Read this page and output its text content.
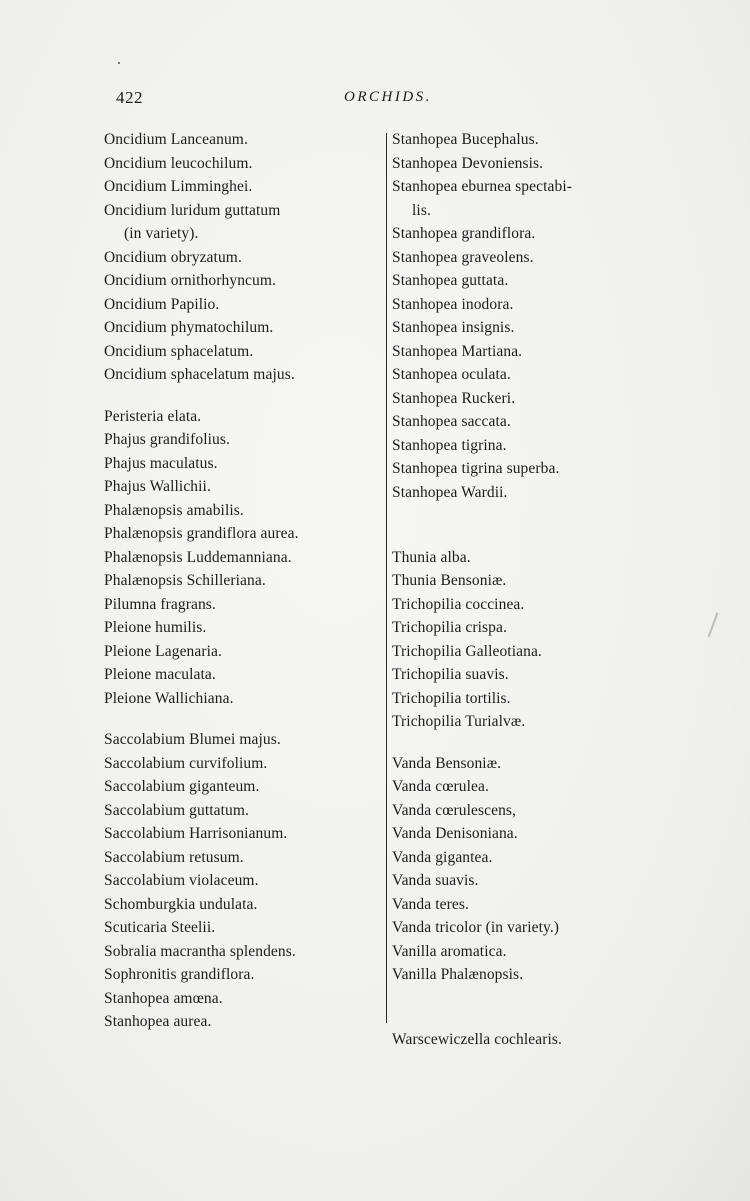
422	ORCHIDS.
Oncidium Lanceanum.
Oncidium leucochilum.
Oncidium Limminghei.
Oncidium luridum guttatum
(in variety).
Oncidium obryzatum.
Oncidium ornithorhyncum.
Oncidium Papilio.
Oncidium phymatochilum.
Oncidium sphacelatum.
Oncidium sphacelatum majus.
Peristeria elata.
Phajus grandifolius.
Phajus maculatus.
Phajus Wallichii.
Phalænopsis amabilis.
Phalænopsis grandiflora aurea.
Phalænopsis Luddemanniana.
Phalænopsis Schilleriana.
Pilumna fragrans.
Pleione humilis.
Pleione Lagenaria.
Pleione maculata.
Pleione Wallichiana.
Saccolabium Blumei majus.
Saccolabium curvifolium.
Saccolabium giganteum.
Saccolabium guttatum.
Saccolabium Harrisonianum.
Saccolabium retusum.
Saccolabium violaceum.
Schomburgkia undulata.
Scuticaria Steelii.
Sobralia macrantha splendens.
Sophronitis grandiflora.
Stanhopea amœna.
Stanhopea aurea.
Stanhopea Bucephalus.
Stanhopea Devoniensis.
Stanhopea eburnea spectabi-
lis.
Stanhopea grandiflora.
Stanhopea graveolens.
Stanhopea guttata.
Stanhopea inodora.
Stanhopea insignis.
Stanhopea Martiana.
Stanhopea oculata.
Stanhopea Ruckeri.
Stanhopea saccata.
Stanhopea tigrina.
Stanhopea tigrina superba.
Stanhopea Wardii.
Thunia alba.
Thunia Bensoniæ.
Trichopilia coccinea.
Trichopilia crispa.
Trichopilia Galleotiana.
Trichopilia suavis.
Trichopilia tortilis.
Trichopilia Turialvæ.
Vanda Bensoniæ.
Vanda cœrulea.
Vanda cœrulescens,
Vanda Denisoniana.
Vanda gigantea.
Vanda suavis.
Vanda teres.
Vanda tricolor (in variety.)
Vanilla aromatica.
Vanilla Phalænopsis.
Warscewiczella cochlearis.
